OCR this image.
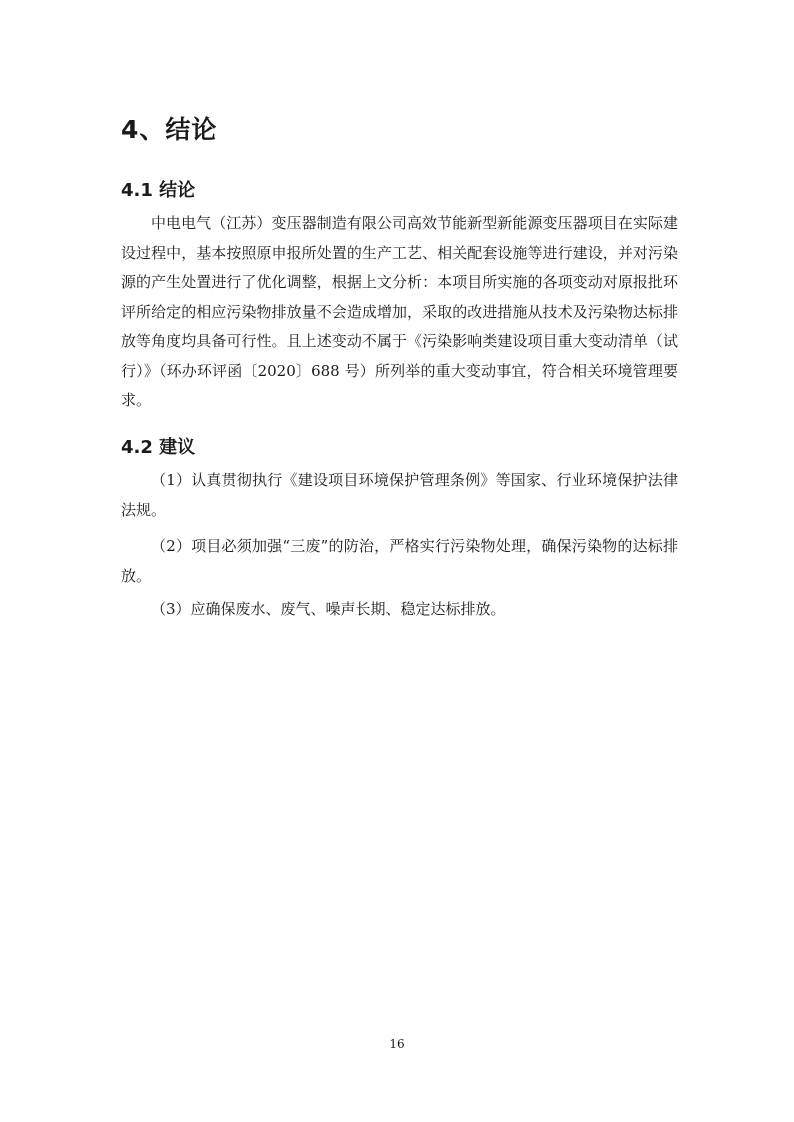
4、结论
4.1 结论

中电电气（江苏）变压器制造有限公司高效节能新型新能源变压器项目在实际建设过程中，基本按照原申报所处置的生产工艺、相关配套设施等进行建设，并对污染源的产生处置进行了优化调整，根据上文分析：本项目所实施的各项变动对原报批环评所给定的相应污染物排放量不会造成增加，采取的改进措施从技术及污染物达标排放等角度均具备可行性。且上述变动不属于《污染影响类建设项目重大变动清单（试行）》（环办环评函〔2020〕688 号）所列举的重大变动事宜，符合相关环境管理要求。

4.2 建议

（1）认真贯彻执行《建设项目环境保护管理条例》等国家、行业环境保护法律法规。

（2）项目必须加强“三废”的防治，严格实行污染物处理，确保污染物的达标排放。

（3）应确保废水、废气、噪声长期、稳定达标排放。

16
